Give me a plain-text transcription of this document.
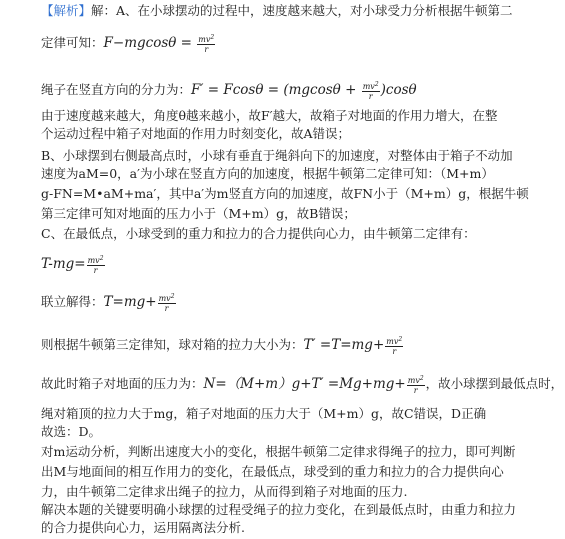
【解析】解：A、在小球摆动的过程中，速度越来越大，对小球受力分析根据牛顿第二
定律可知：$F-mgcos\theta = \frac{mv^2}{r}$
绳子在竖直方向的分力为：$F' = Fcos\theta = (mgcos\theta + \frac{mv^2}{r} )\cos\theta$
由于速度越来越大，角度θ越来越小，故F′越大，故箱子对地面的作用力增大，在整
个运动过程中箱子对地面的作用力时刻变化，故A错误；
B、小球摆到右侧最高点时，小球有垂直于绳斜向下的加速度，对整体由于箱子不动加
速度为aM=0，a′为小球在竖直方向的加速度，根据牛顿第二定律可知：（M+m）
g-FN=M•aM+ma′，其中a′为m竖直方向的加速度，故FN小于（M+m）g，根据牛顿
第三定律可知对地面的压力小于（M+m）g，故B错误；
C、在最低点，小球受到的重力和拉力的合力提供向心力，由牛顿第二定律有：
$T-mg= \frac{mv^2}{r}$
联立解得：$T=mg+ \frac{mv^2}{r}$
则根据牛顿第三定律知，球对箱的拉力大小为：$T' =T=mg+ \frac{mv^2}{r}$
故此时箱子对地面的压力为：$N=(M+m)g+T' =Mg+mg+ \frac{mv^2}{r}$ ，故小球摆到最低点时，
绳对箱顶的拉力大于mg，箱子对地面的压力大于（M+m）g，故C错误，D正确
故选：D。
对m运动分析，判断出速度大小的变化，根据牛顿第二定律求得绳子的拉力，即可判断
出M与地面间的相互作用力的变化，在最低点，球受到的重力和拉力的合力提供向心
力，由牛顿第二定律求出绳子的拉力，从而得到箱子对地面的压力.
解决本题的关键要明确小球摆的过程受绳子的拉力变化，在到最低点时，由重力和拉力
的合力提供向心力，运用隔离法分析.
